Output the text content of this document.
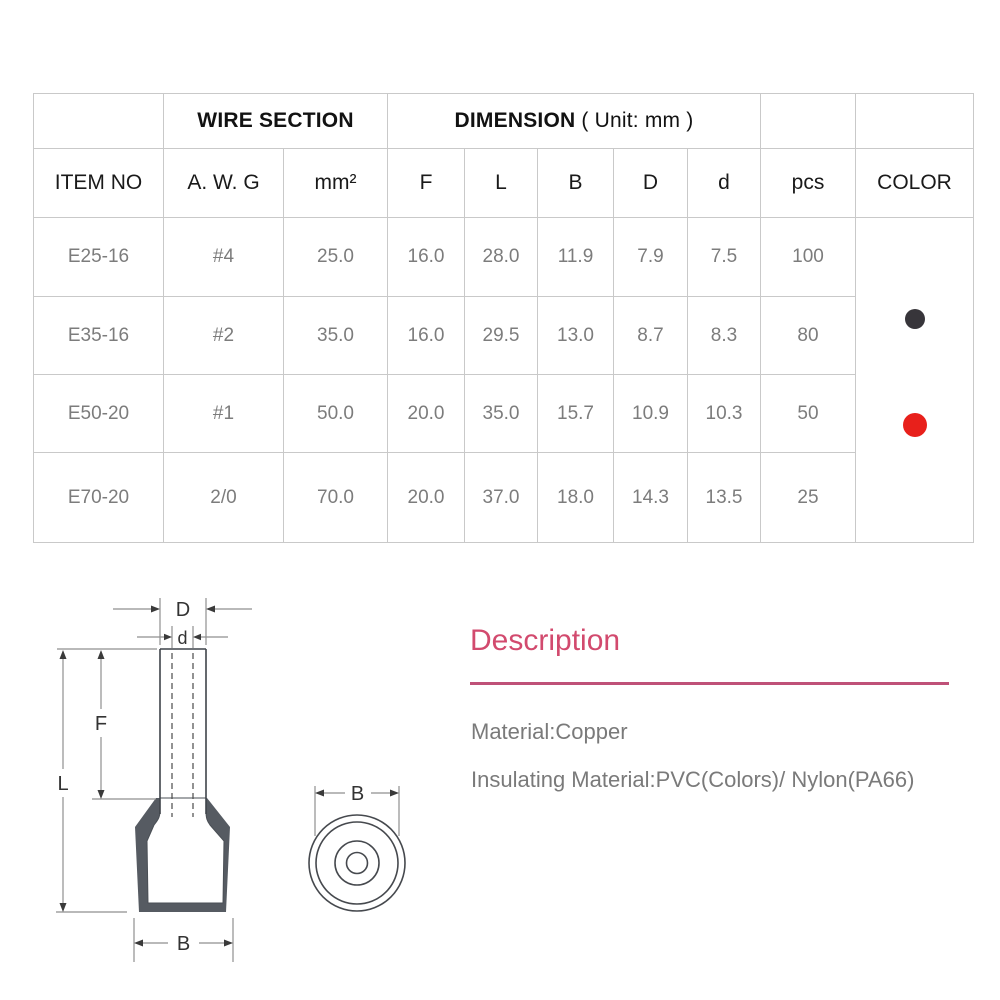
	WIRE SECTION		DIMENSION ( Unit: mm )						
ITEM NO	A. W. G	mm²	F	L	B	D	d	pcs	COLOR
E25-16	#4	25.0	16.0	28.0	11.9	7.9	7.5	100	

E35-16	#2	35.0	16.0	29.5	13.0	8.7	8.3	80	
E50-20	#1	50.0	20.0	35.0	15.7	10.9	10.3	50	
E70-20	2/0	70.0	20.0	37.0	18.0	14.3	13.5	25	
D
d
F
L
B
B
Description
Material:Copper
Insulating Material:PVC(Colors)/ Nylon(PA66)
